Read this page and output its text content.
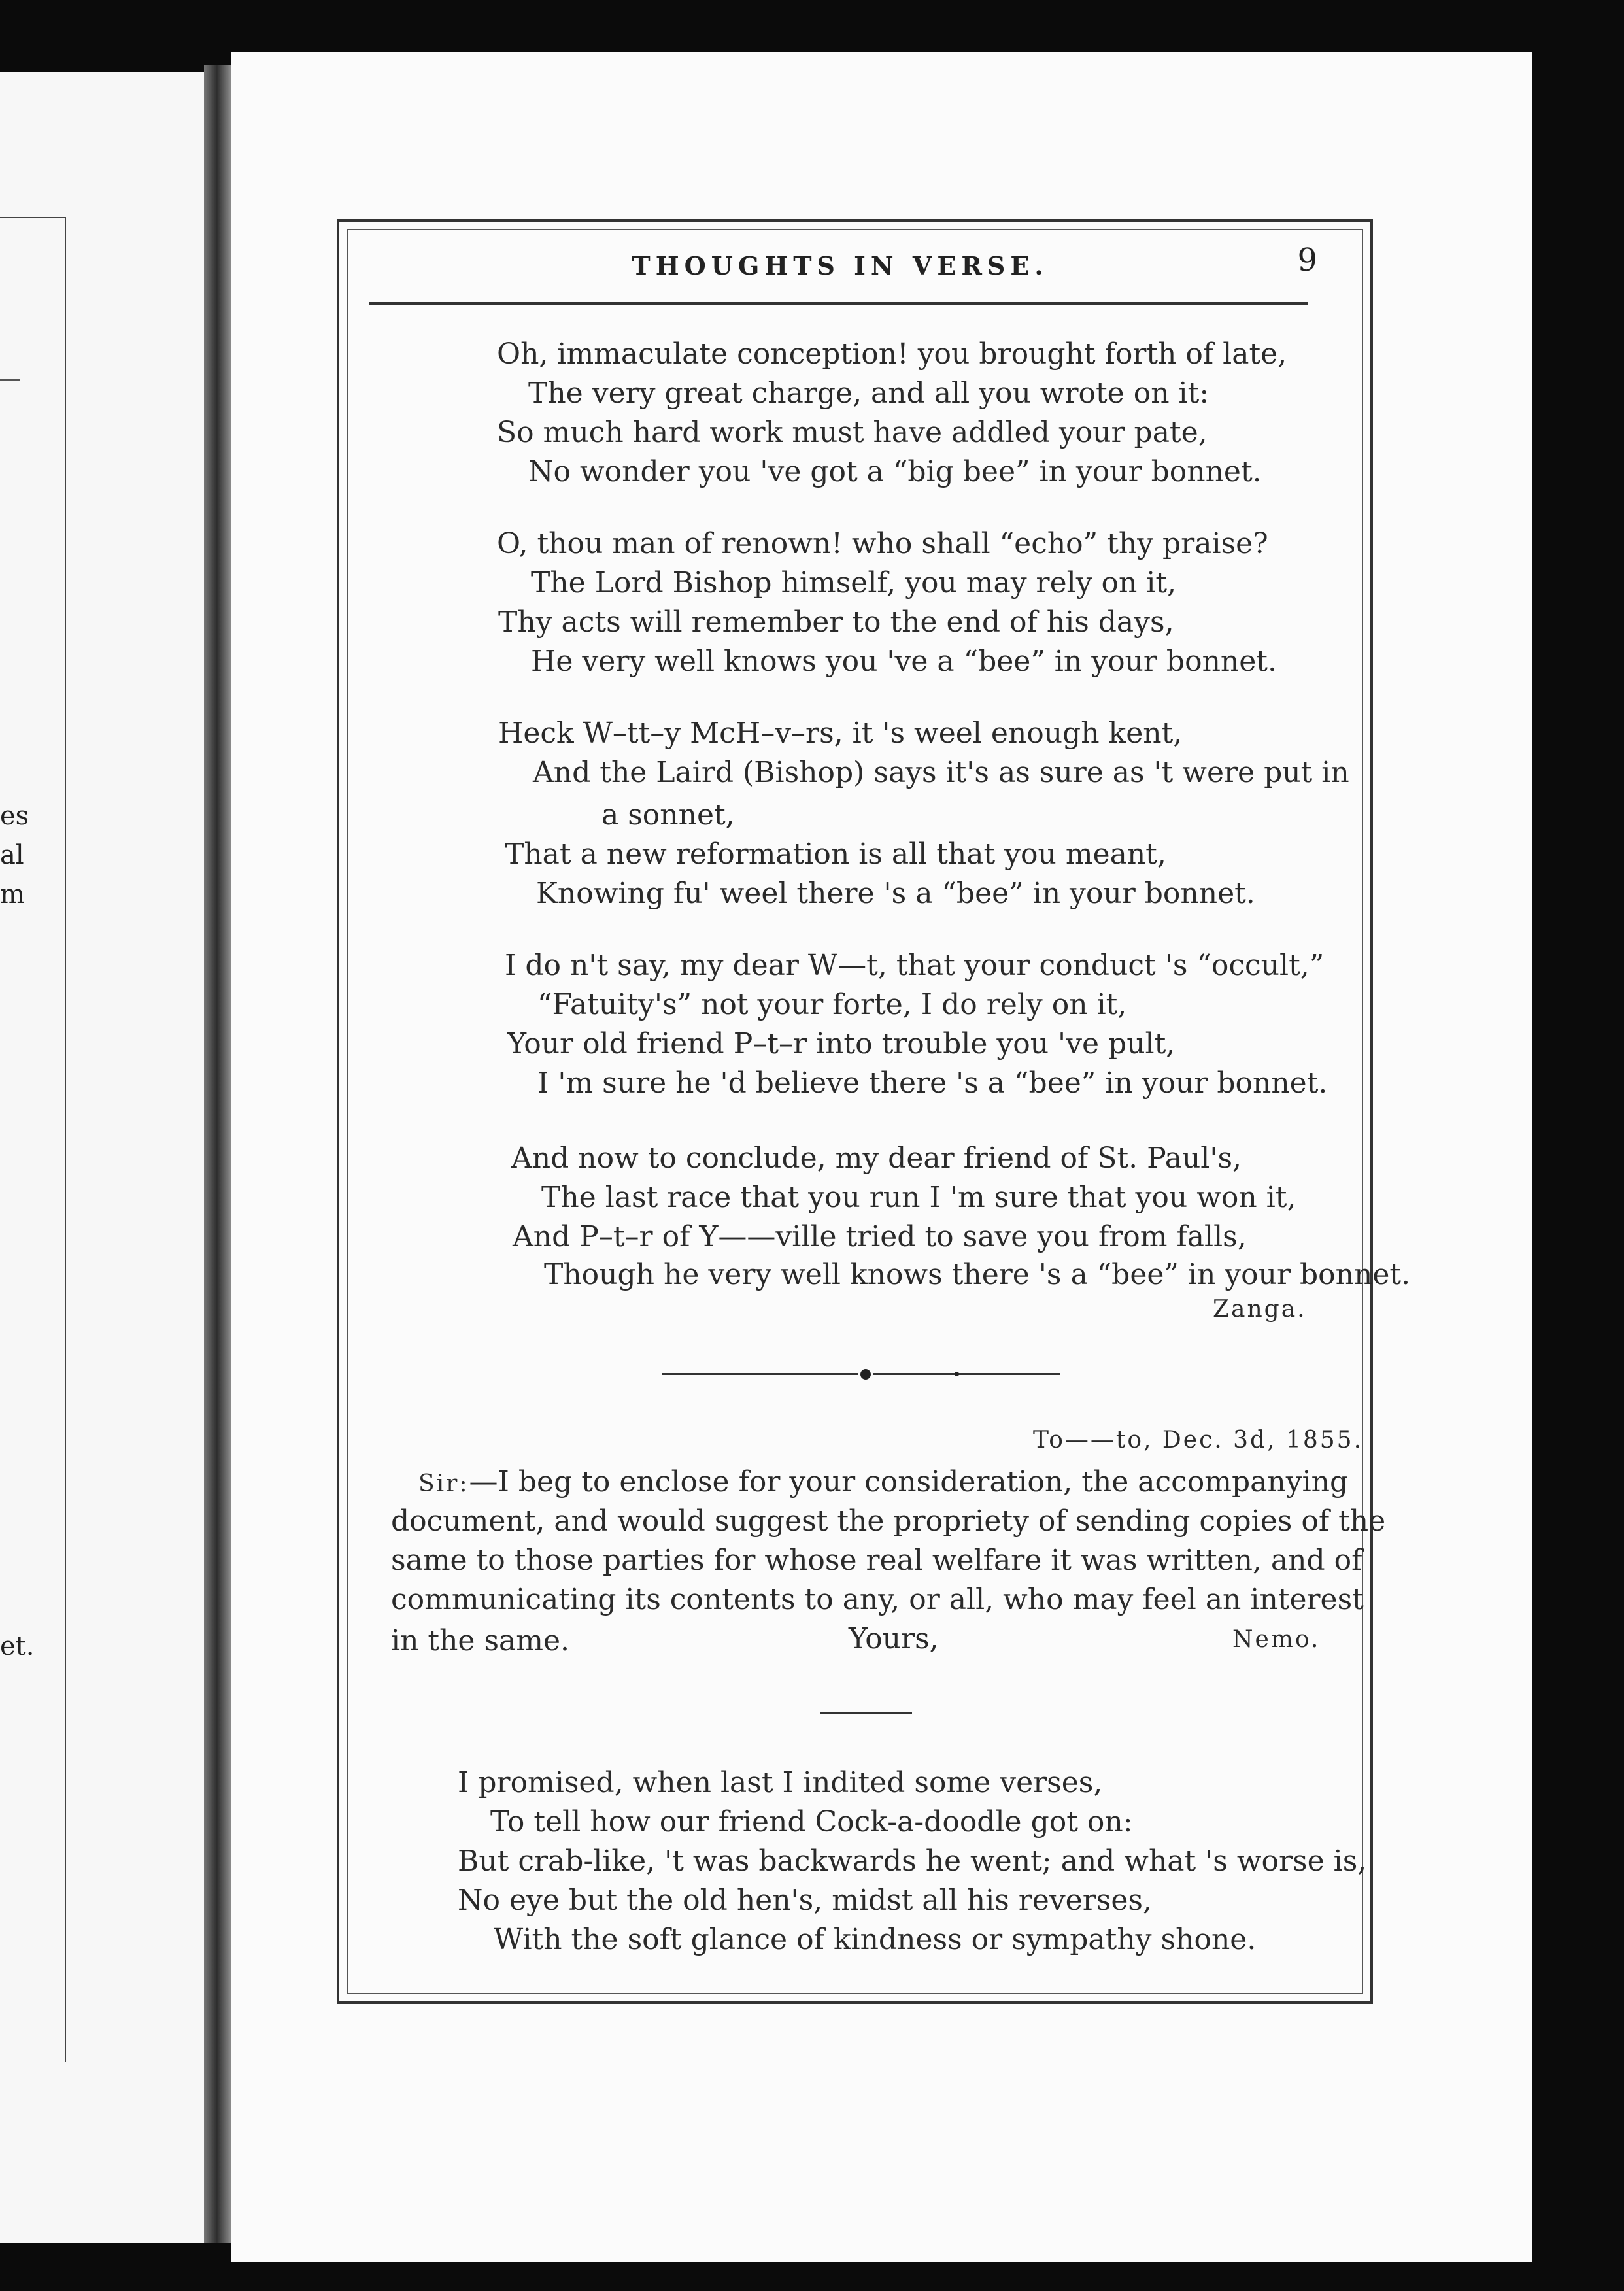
es
al
m
et.
THOUGHTS IN VERSE.	9
Oh, immaculate conception! you brought forth of late,
The very great charge, and all you wrote on it:
So much hard work must have addled your pate,
No wonder you 've got a “big bee” in your bonnet.
O, thou man of renown! who shall “echo” thy praise?
The Lord Bishop himself, you may rely on it,
Thy acts will remember to the end of his days,
He very well knows you 've a “bee” in your bonnet.
Heck W–tt–y McH–v–rs, it 's weel enough kent,
And the Laird (Bishop) says it's as sure as 't were put in
a sonnet,
That a new reformation is all that you meant,
Knowing fu' weel there 's a “bee” in your bonnet.
I do n't say, my dear W—t, that your conduct 's “occult,”
“Fatuity's” not your forte, I do rely on it,
Your old friend P–t–r into trouble you 've pult,
I 'm sure he 'd believe there 's a “bee” in your bonnet.
And now to conclude, my dear friend of St. Paul's,
The last race that you run I 'm sure that you won it,
And P–t–r of Y——ville tried to save you from falls,
Though he very well knows there 's a “bee” in your bonnet.
Zanga.
To——to, Dec. 3d, 1855.
Sir:—I beg to enclose for your consideration, the accompanying
document, and would suggest the propriety of sending copies of the
same to those parties for whose real welfare it was written, and of
communicating its contents to any, or all, who may feel an interest
in the same.	Yours,	Nemo.
I promised, when last I indited some verses,
To tell how our friend Cock-a-doodle got on:
But crab-like, 't was backwards he went; and what 's worse is,
No eye but the old hen's, midst all his reverses,
With the soft glance of kindness or sympathy shone.
